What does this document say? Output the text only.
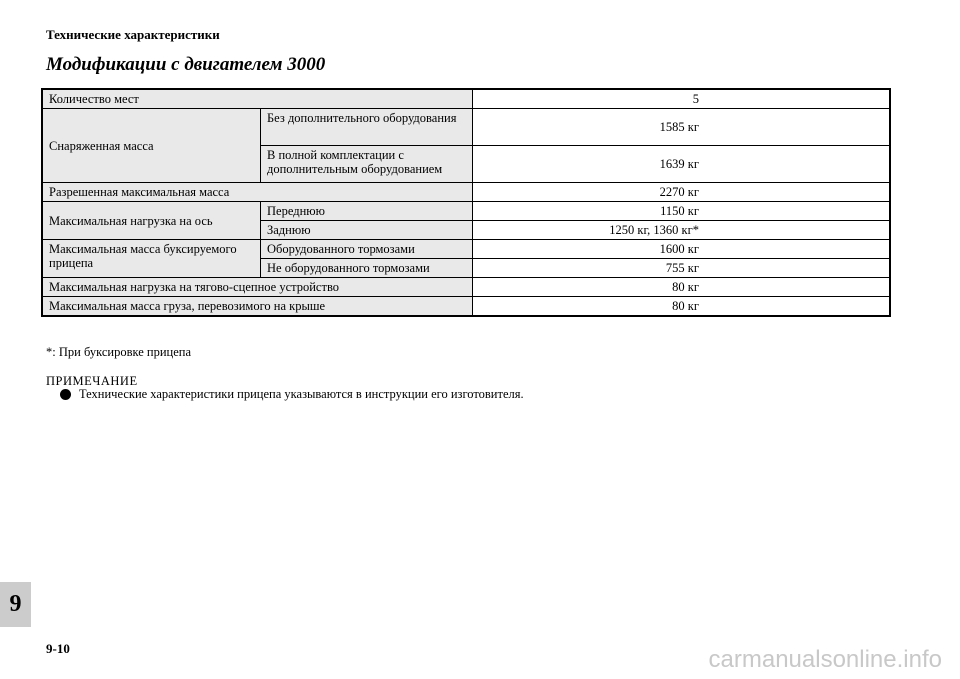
Технические характеристики
Модификации с двигателем 3000
Количество мест		5
Снаряженная масса	Без дополнительного оборудования	1585 кг
	В полной комплектации с дополнительным оборудованием	1639 кг
Разрешенная максимальная масса		2270 кг
Максимальная нагрузка на ось	Переднюю	1150 кг
	Заднюю	1250 кг, 1360 кг*
Максимальная масса буксируемого прицепа	Оборудованного тормозами	1600 кг
	Не оборудованного тормозами	755 кг
Максимальная нагрузка на тягово-сцепное устройство		80 кг
Максимальная масса груза, перевозимого на крыше		80 кг
*: При буксировке прицепа
ПРИМЕЧАНИЕ
Технические характеристики прицепа указываются в инструкции его изготовителя.
9
9-10	carmanualsonline.info
